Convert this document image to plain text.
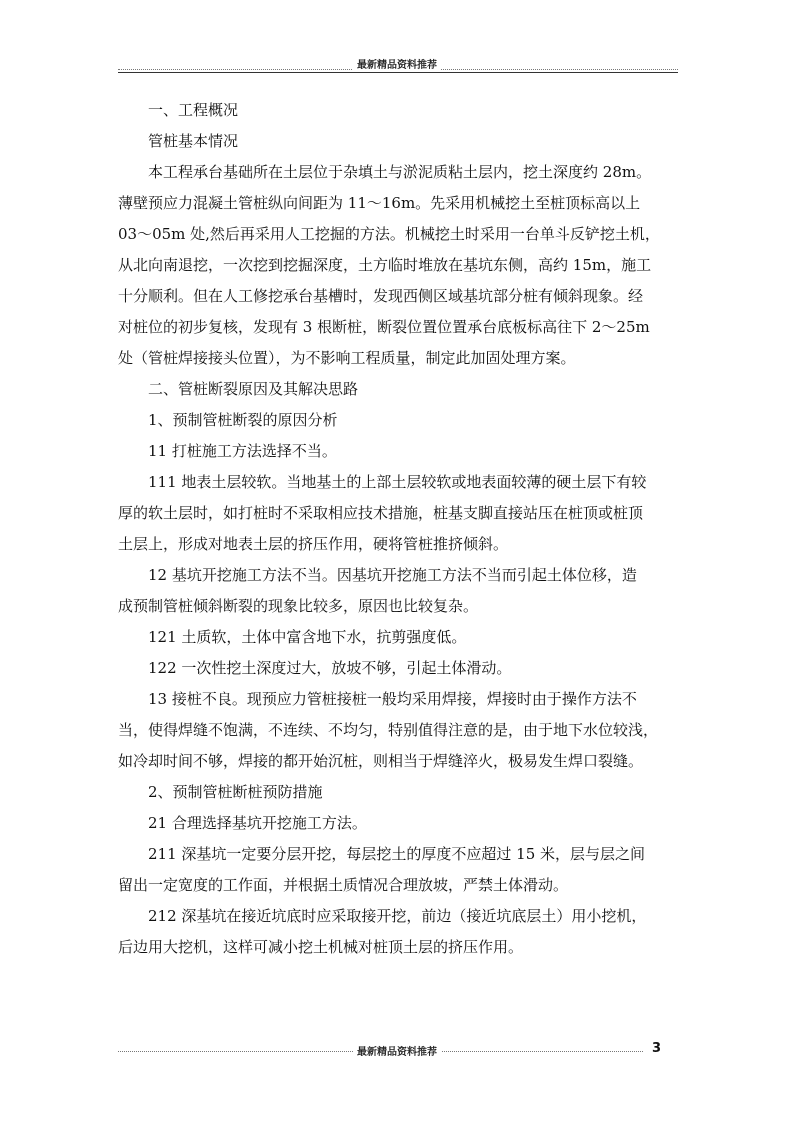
最新精品资料推荐

一、工程概况

管桩基本情况

本工程承台基础所在土层位于杂填土与淤泥质粘土层内，挖土深度约 28m。

薄壁预应力混凝土管桩纵向间距为 11～16m。先采用机械挖土至桩顶标高以上

03～05m 处,然后再采用人工挖掘的方法。机械挖土时采用一台单斗反铲挖土机，

从北向南退挖，一次挖到挖掘深度，土方临时堆放在基坑东侧，高约 15m，施工

十分顺利。但在人工修挖承台基槽时，发现西侧区域基坑部分桩有倾斜现象。经

对桩位的初步复核，发现有 3 根断桩，断裂位置位置承台底板标高往下 2～25m

处（管桩焊接接头位置），为不影响工程质量，制定此加固处理方案。

二、管桩断裂原因及其解决思路

1、预制管桩断裂的原因分析

11 打桩施工方法选择不当。

111 地表土层较软。当地基土的上部土层较软或地表面较薄的硬土层下有较

厚的软土层时，如打桩时不采取相应技术措施，桩基支脚直接站压在桩顶或桩顶

土层上，形成对地表土层的挤压作用，硬将管桩推挤倾斜。

12 基坑开挖施工方法不当。因基坑开挖施工方法不当而引起土体位移，造

成预制管桩倾斜断裂的现象比较多，原因也比较复杂。

121 土质软，土体中富含地下水，抗剪强度低。

122 一次性挖土深度过大，放坡不够，引起土体滑动。

13 接桩不良。现预应力管桩接桩一般均采用焊接，焊接时由于操作方法不

当，使得焊缝不饱满，不连续、不均匀，特别值得注意的是，由于地下水位较浅，

如冷却时间不够，焊接的都开始沉桩，则相当于焊缝淬火，极易发生焊口裂缝。

2、预制管桩断桩预防措施

21 合理选择基坑开挖施工方法。

211 深基坑一定要分层开挖，每层挖土的厚度不应超过 15 米，层与层之间

留出一定宽度的工作面，并根据土质情况合理放坡，严禁土体滑动。

212 深基坑在接近坑底时应采取接开挖，前边（接近坑底层土）用小挖机，

后边用大挖机，这样可减小挖土机械对桩顶土层的挤压作用。

最新精品资料推荐	3
